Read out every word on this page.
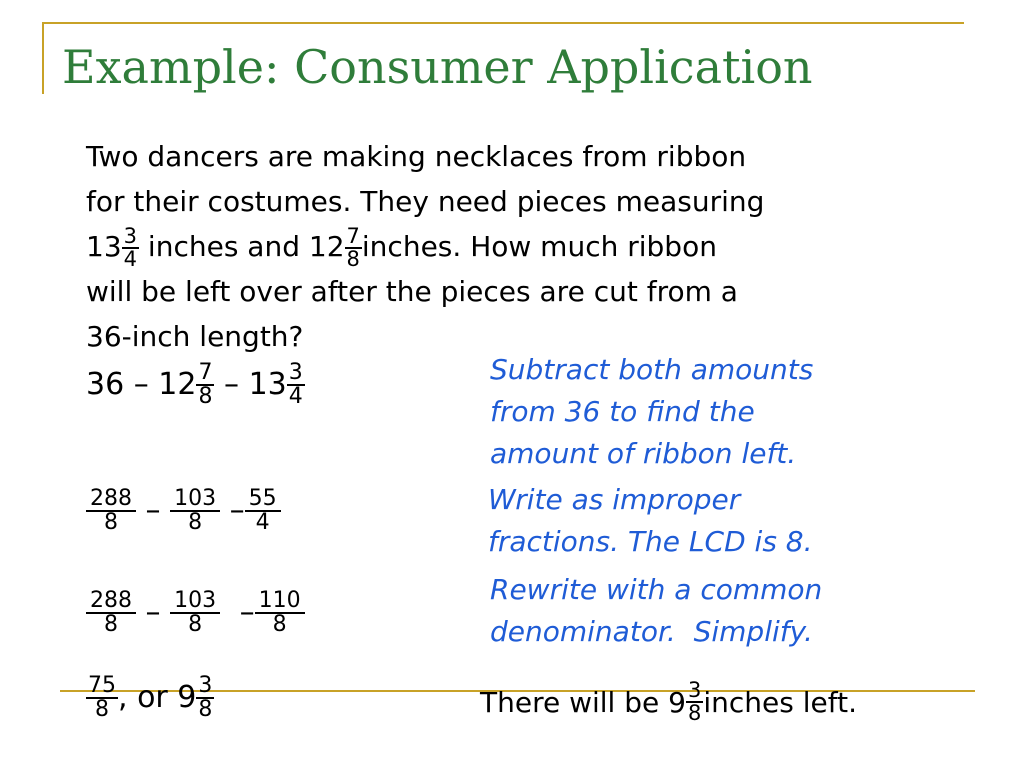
Example: Consumer Application
Two dancers are making necklaces from ribbon
for their costumes. They need pieces measuring
$13 \frac{3}{4}$ inches and $12 \frac{7}{8}$ inches. How much ribbon
will be left over after the pieces are cut from a
36-inch length?
$36 - 12 \frac{7}{8} - 13 \frac{3}{4}$
$\frac{288}{8} - \frac{103}{8} - \frac{55}{4}$
$\frac{288}{8} - \frac{103}{8} - \frac{110}{8}$
$\frac{75}{8}$ , or $9 \frac{3}{8}$
Subtract both amounts
from 36 to find the
amount of ribbon left.
Write as improper
fractions. The LCD is 8.
Rewrite with a common
denominator.  Simplify.
There will be $9 \frac{3}{8}$ inches left.
